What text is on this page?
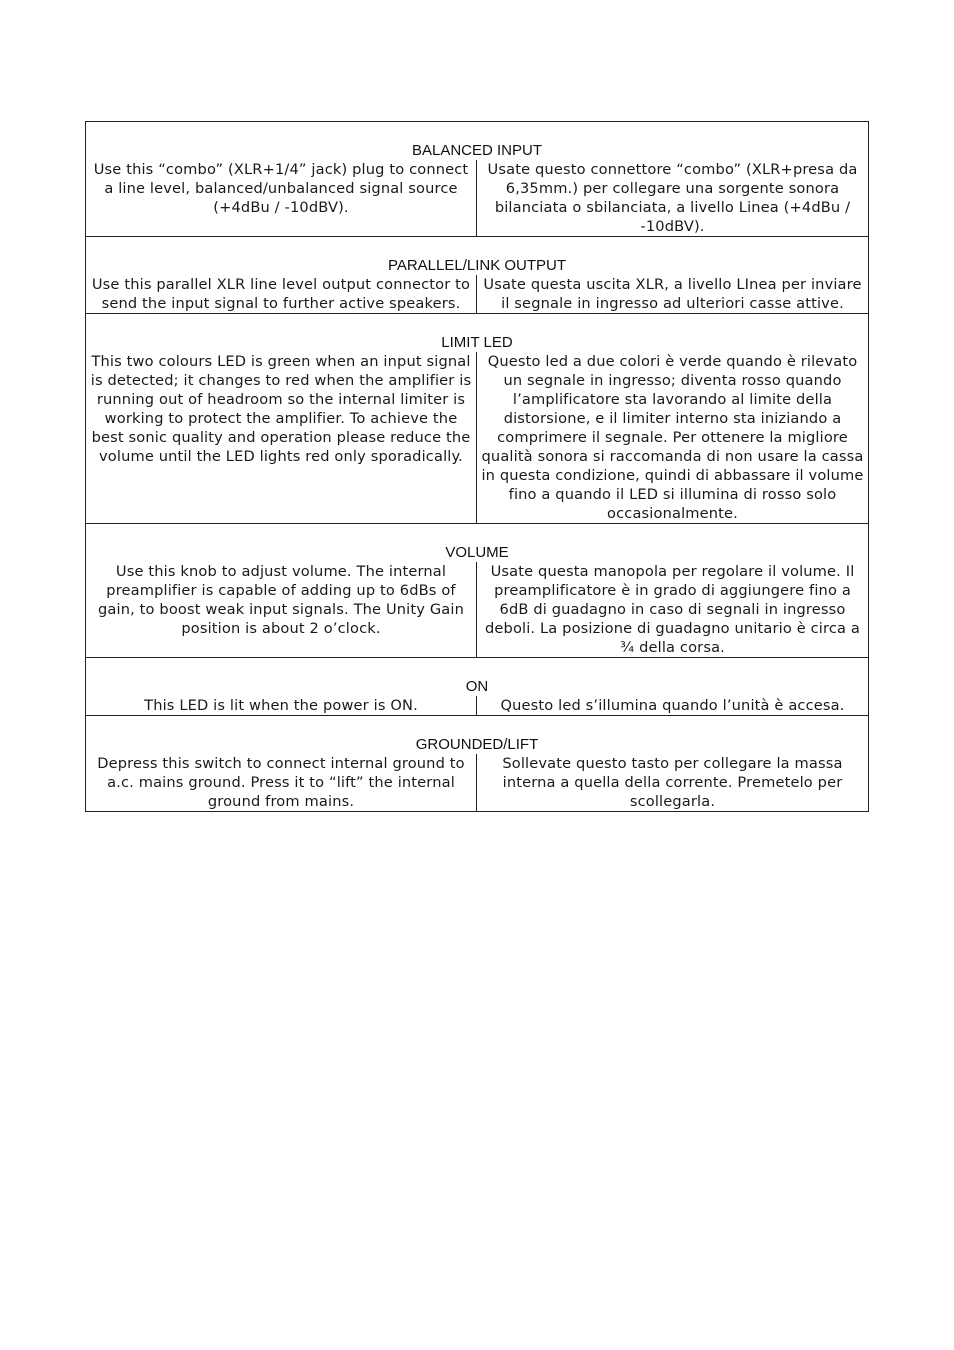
BALANCED INPUT
Use this “combo” (XLR+1/4” jack) plug to connect a line level, balanced/unbalanced signal source (+4dBu / -10dBV).
Usate questo connettore “combo” (XLR+presa da 6,35mm.) per collegare una sorgente sonora bilanciata o sbilanciata, a livello Linea (+4dBu / -10dBV).
PARALLEL/LINK OUTPUT
Use this parallel XLR line level output connector to send the input signal to further active speakers.
Usate questa uscita XLR, a livello LInea per inviare il segnale in ingresso ad ulteriori casse attive.
LIMIT LED
This two colours LED is green when an input signal is detected; it changes to red when the amplifier is running out of headroom so the internal limiter is working to protect the amplifier. To achieve the best sonic quality and operation please reduce the volume until the LED lights red only sporadically.
Questo led a due colori è verde quando è rilevato un segnale in ingresso; diventa rosso quando l’amplificatore sta lavorando al limite della distorsione, e il limiter interno sta iniziando a comprimere il segnale. Per ottenere la migliore qualità sonora si raccomanda di non usare la cassa in questa condizione, quindi di abbassare il volume fino a quando il LED si illumina di rosso solo occasionalmente.
VOLUME
Use this knob to adjust volume. The internal preamplifier is capable of adding up to 6dBs of gain, to boost weak input signals. The Unity Gain position is about 2 o’clock.
Usate questa manopola per regolare il volume. Il preamplificatore è in grado di aggiungere fino a 6dB di guadagno in caso di segnali in ingresso deboli. La posizione di guadagno unitario è circa a ¾ della corsa.
ON
This LED is lit when the power is ON.	Questo led s’illumina quando l’unità è accesa.
GROUNDED/LIFT
Depress this switch to connect internal ground to a.c. mains ground. Press it to “lift” the internal ground from mains.
Sollevate questo tasto per collegare la massa interna a quella della corrente. Premetelo per scollegarla.
